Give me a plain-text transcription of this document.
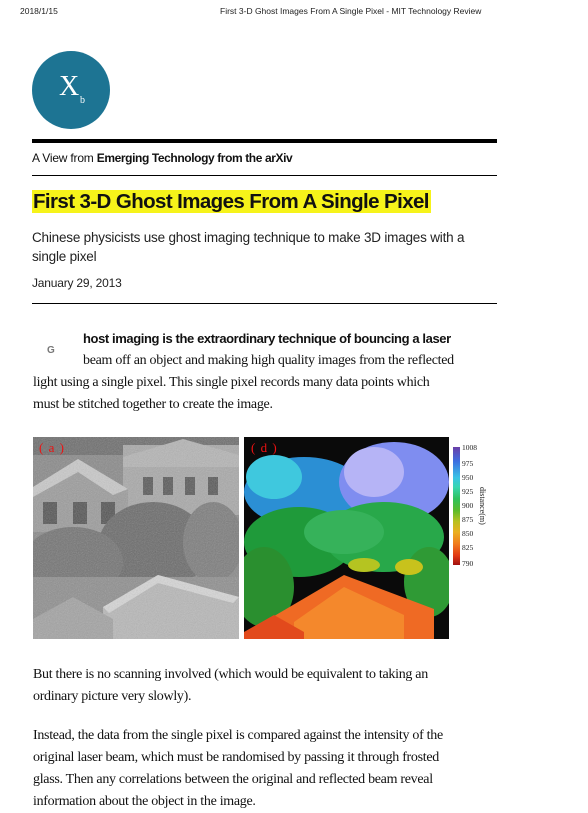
2018/1/15	First 3-D Ghost Images From A Single Pixel - MIT Technology Review
X b
A View from Emerging Technology from the arXiv
First 3-D Ghost Images From A Single Pixel
Chinese physicists use ghost imaging technique to make 3D images with a single pixel
January 29, 2013
G
host imaging is the extraordinary technique of bouncing a laser
beam off an object and making high quality images from the reflected
light using a single pixel. This single pixel records many data points which
must be stitched together to create the image.
( a )	( d )	1008
975
950
925
900
875
850
825
790
distance(m)
But there is no scanning involved (which would be equivalent to taking an
ordinary picture very slowly).
Instead, the data from the single pixel is compared against the intensity of the
original laser beam, which must be randomised by passing it through frosted
glass. Then any correlations between the original and reflected beam reveal
information about the object in the image.
